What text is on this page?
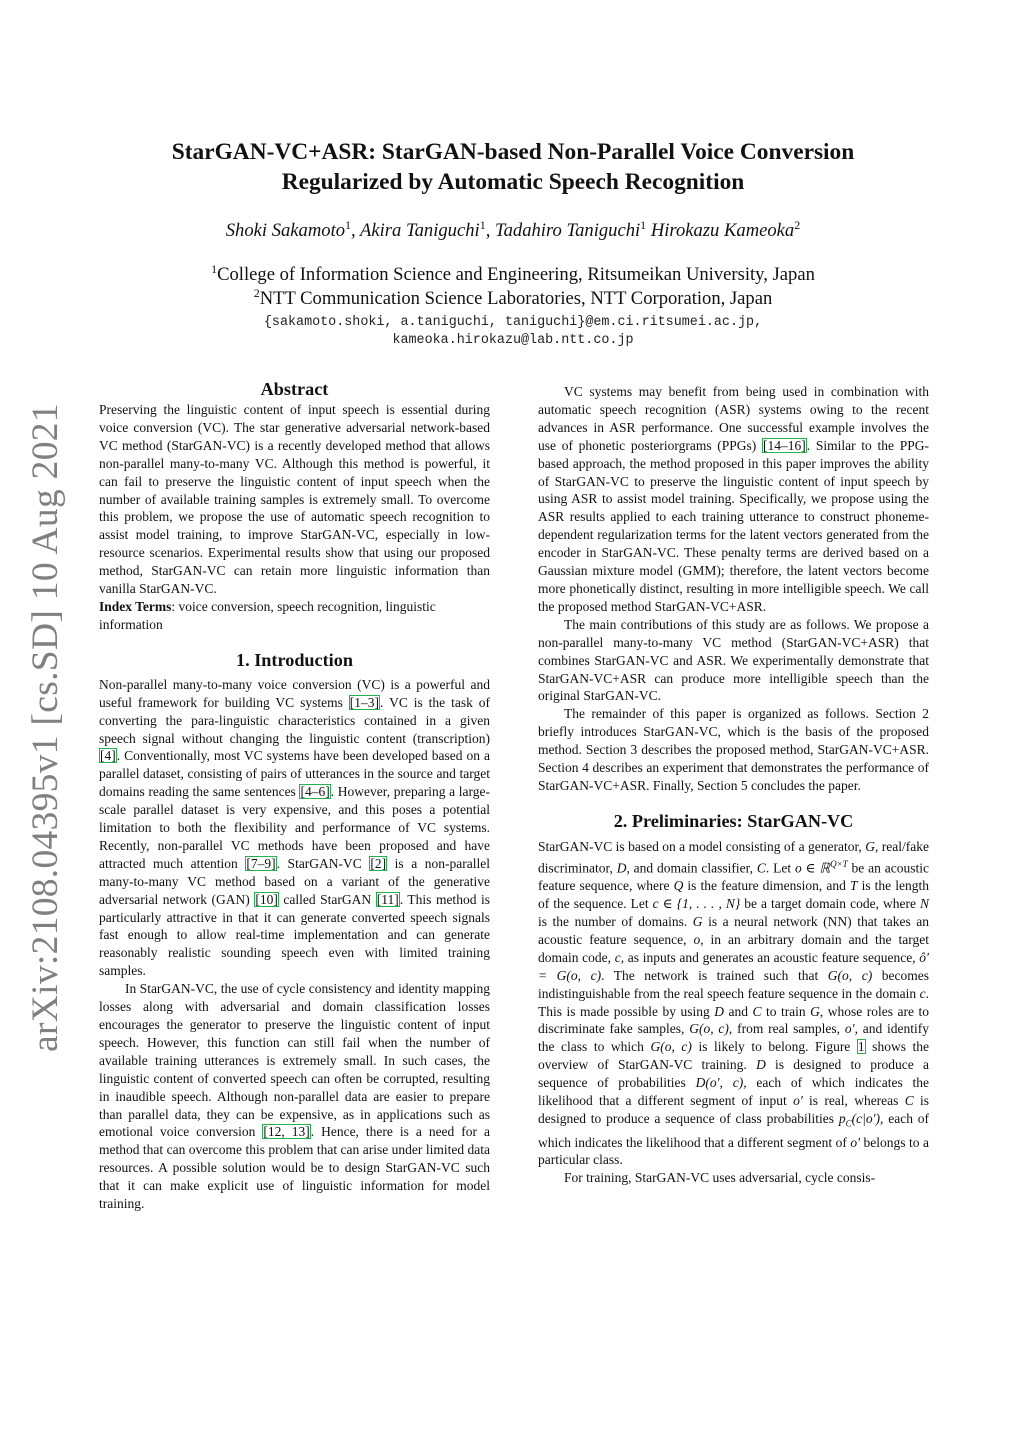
arXiv:2108.04395v1 [cs.SD] 10 Aug 2021
StarGAN-VC+ASR: StarGAN-based Non-Parallel Voice Conversion
Regularized by Automatic Speech Recognition
Shoki Sakamoto$^1$, Akira Taniguchi$^1$, Tadahiro Taniguchi$^1$ Hirokazu Kameoka$^2$
$^1$College of Information Science and Engineering, Ritsumeikan University, Japan
$^2$NTT Communication Science Laboratories, NTT Corporation, Japan
{sakamoto.shoki, a.taniguchi, taniguchi}@em.ci.ritsumei.ac.jp,
kameoka.hirokazu@lab.ntt.co.jp
Abstract

Preserving the linguistic content of input speech is essential during voice conversion (VC). The star generative adversarial network-based VC method (StarGAN-VC) is a recently developed method that allows non-parallel many-to-many VC. Although this method is powerful, it can fail to preserve the linguistic content of input speech when the number of available training samples is extremely small. To overcome this problem, we propose the use of automatic speech recognition to assist model training, to improve StarGAN-VC, especially in low-resource scenarios. Experimental results show that using our proposed method, StarGAN-VC can retain more linguistic information than vanilla StarGAN-VC.

Index Terms: voice conversion, speech recognition, linguistic information

1. Introduction

Non-parallel many-to-many voice conversion (VC) is a powerful and useful framework for building VC systems [1–3]. VC is the task of converting the para-linguistic characteristics contained in a given speech signal without changing the linguistic content (transcription) [4]. Conventionally, most VC systems have been developed based on a parallel dataset, consisting of pairs of utterances in the source and target domains reading the same sentences [4–6]. However, preparing a large-scale parallel dataset is very expensive, and this poses a potential limitation to both the flexibility and performance of VC systems. Recently, non-parallel VC methods have been proposed and have attracted much attention [7–9]. StarGAN-VC [2] is a non-parallel many-to-many VC method based on a variant of the generative adversarial network (GAN) [10] called StarGAN [11]. This method is particularly attractive in that it can generate converted speech signals fast enough to allow real-time implementation and can generate reasonably realistic sounding speech even with limited training samples.

In StarGAN-VC, the use of cycle consistency and identity mapping losses along with adversarial and domain classification losses encourages the generator to preserve the linguistic content of input speech. However, this function can still fail when the number of available training utterances is extremely small. In such cases, the linguistic content of converted speech can often be corrupted, resulting in inaudible speech. Although non-parallel data are easier to prepare than parallel data, they can be expensive, as in applications such as emotional voice conversion [12, 13]. Hence, there is a need for a method that can overcome this problem that can arise under limited data resources. A possible solution would be to design StarGAN-VC such that it can make explicit use of linguistic information for model training.

VC systems may benefit from being used in combination with automatic speech recognition (ASR) systems owing to the recent advances in ASR performance. One successful example involves the use of phonetic posteriorgrams (PPGs) [14–16]. Similar to the PPG-based approach, the method proposed in this paper improves the ability of StarGAN-VC to preserve the linguistic content of input speech by using ASR to assist model training. Specifically, we propose using the ASR results applied to each training utterance to construct phoneme-dependent regularization terms for the latent vectors generated from the encoder in StarGAN-VC. These penalty terms are derived based on a Gaussian mixture model (GMM); therefore, the latent vectors become more phonetically distinct, resulting in more intelligible speech. We call the proposed method StarGAN-VC+ASR.

The main contributions of this study are as follows. We propose a non-parallel many-to-many VC method (StarGAN-VC+ASR) that combines StarGAN-VC and ASR. We experimentally demonstrate that StarGAN-VC+ASR can produce more intelligible speech than the original StarGAN-VC.

The remainder of this paper is organized as follows. Section 2 briefly introduces StarGAN-VC, which is the basis of the proposed method. Section 3 describes the proposed method, StarGAN-VC+ASR. Section 4 describes an experiment that demonstrates the performance of StarGAN-VC+ASR. Finally, Section 5 concludes the paper.

2. Preliminaries: StarGAN-VC

StarGAN-VC is based on a model consisting of a generator, G, real/fake discriminator, D, and domain classifier, C. Let o ∈ ℝ$^{Q\times T}$ be an acoustic feature sequence, where Q is the feature dimension, and T is the length of the sequence. Let c ∈ {1, . . . , N} be a target domain code, where N is the number of domains. G is a neural network (NN) that takes an acoustic feature sequence, o, in an arbitrary domain and the target domain code, c, as inputs and generates an acoustic feature sequence, ô′ = G(o, c). The network is trained such that G(o, c) becomes indistinguishable from the real speech feature sequence in the domain c. This is made possible by using D and C to train G, whose roles are to discriminate fake samples, G(o, c), from real samples, o′, and identify the class to which G(o, c) is likely to belong. Figure 1 shows the overview of StarGAN-VC training. D is designed to produce a sequence of probabilities D(o′, c), each of which indicates the likelihood that a different segment of input o′ is real, whereas C is designed to produce a sequence of class probabilities $p_C(c|o')$, each of which indicates the likelihood that a different segment of o′ belongs to a particular class.

For training, StarGAN-VC uses adversarial, cycle consis-
